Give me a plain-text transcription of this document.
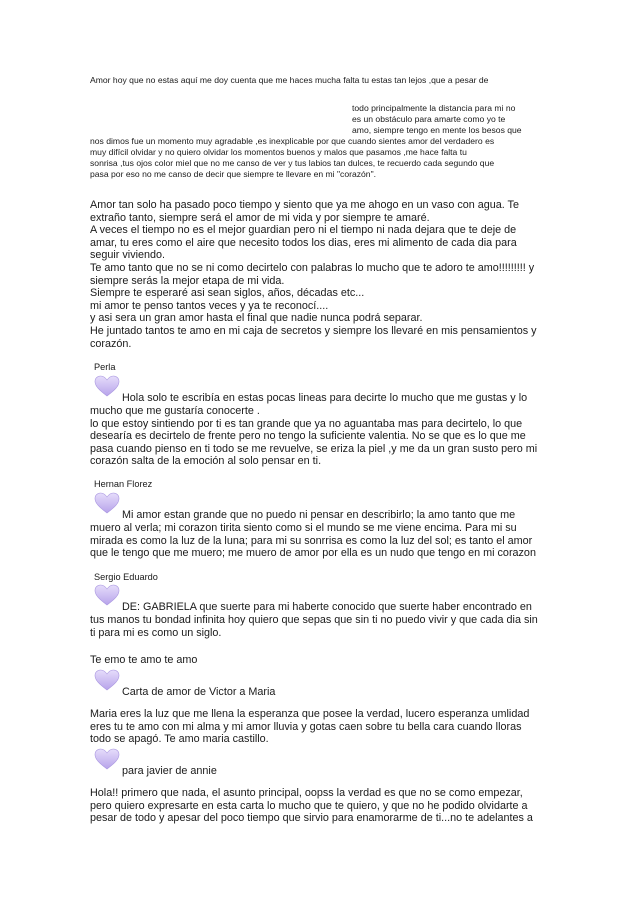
Amor hoy que no estas aquí me doy cuenta que me haces mucha falta tu estas tan lejos ,que a pesar de

todo principalmente la distancia para mi no
es un obstáculo para amarte como yo te
amo, siempre tengo en mente los besos que

nos dimos fue un momento muy agradable ,es inexplicable por que cuando sientes amor del verdadero es
muy difícil olvidar y no quiero olvidar los momentos buenos y malos que pasamos ,me hace falta tu
sonrisa ,tus ojos color miel que no me canso de ver y tus labios tan dulces, te recuerdo cada segundo que
pasa por eso no me canso de decir que siempre te llevare en mi "corazón".

Amor tan solo ha pasado poco tiempo y siento que ya me ahogo en un vaso con agua. Te
extraño tanto, siempre será el amor de mi vida y por siempre te amaré.
A veces el tiempo no es el mejor guardian pero ni el tiempo ni nada dejara que te deje de
amar, tu eres como el aire que necesito todos los dias, eres mi alimento de cada dia para
seguir viviendo.
Te amo tanto que no se ni como decirtelo con palabras lo mucho que te adoro te amo!!!!!!!!! y
siempre serás la mejor etapa de mi vida.
Siempre te esperaré asi sean siglos, años, décadas etc...
mi amor te penso tantos veces y ya te reconocí....
y asi sera un gran amor hasta el final que nadie nunca podrá separar.
He juntado tantos te amo en mi caja de secretos y siempre los llevaré en mis pensamientos y
corazón.

Perla

Hola solo te escribía en estas pocas lineas para decirte lo mucho que me gustas y lo

mucho que me gustaría conocerte .
lo que estoy sintiendo por ti es tan grande que ya no aguantaba mas para decirtelo, lo que
desearía es decirtelo de frente pero no tengo la suficiente valentia. No se que es lo que me
pasa cuando pienso en ti todo se me revuelve, se eriza la piel ,y me da un gran susto pero mi
corazón salta de la emoción al solo pensar en ti.

Hernan Florez

Mi amor estan grande que no puedo ni pensar en describirlo; la amo tanto que me

muero al verla; mi corazon tirita siento como si el mundo se me viene encima. Para mi su
mirada es como la luz de la luna; para mi su sonrrisa es como la luz del sol; es tanto el amor
que le tengo que me muero; me muero de amor por ella es un nudo que tengo en mi corazon

Sergio Eduardo

DE: GABRIELA que suerte para mi haberte conocido que suerte haber encontrado en

tus manos tu bondad infinita hoy quiero que sepas que sin ti no puedo vivir y que cada dia sin
ti para mi es como un siglo.

Te emo te amo te amo

Carta de amor de Victor a Maria

Maria eres la luz que me llena la esperanza que posee la verdad, lucero esperanza umlidad
eres tu te amo con mi alma y mi amor lluvia y gotas caen sobre tu bella cara cuando lloras
todo se apagó. Te amo maria castillo.

para javier de annie

Hola!! primero que nada, el asunto principal, oopss la verdad es que no se como empezar,
pero quiero expresarte en esta carta lo mucho que te quiero, y que no he podido olvidarte a
pesar de todo y apesar del poco tiempo que sirvio para enamorarme de ti...no te adelantes a
